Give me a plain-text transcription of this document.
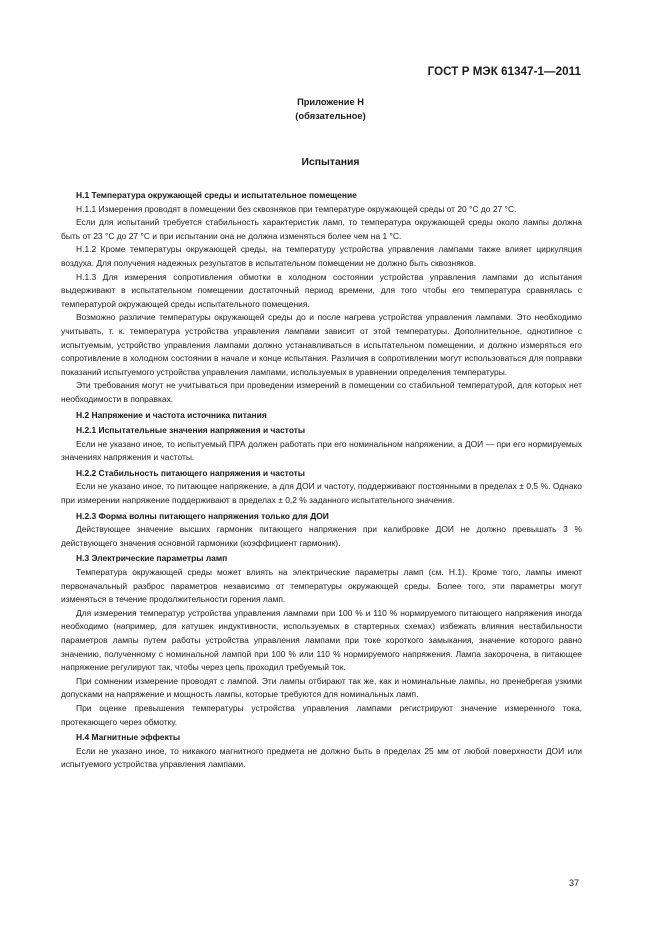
ГОСТ Р МЭК 61347-1—2011
Приложение Н
(обязательное)
Испытания

Н.1 Температура окружающей среды и испытательное помещение

Н.1.1 Измерения проводят в помещении без сквозняков при температуре окружающей среды от 20 °С до 27 °С.

Если для испытаний требуется стабильность характеристик ламп, то температура окружающей среды около лампы должна быть от 23 °С до 27 °С и при испытании она не должна изменяться более чем на 1 °С.

Н.1.2 Кроме температуры окружающей среды, на температуру устройства управления лампами также влияет циркуляция воздуха. Для получения надежных результатов в испытательном помещении не должно быть сквозняков.

Н.1.3 Для измерения сопротивления обмотки в холодном состоянии устройства управления лампами до испытания выдерживают в испытательном помещении достаточный период времени, для того чтобы его температура сравнялась с температурой окружающей среды испытательного помещения.

Возможно различие температуры окружающей среды до и после нагрева устройства управления лампами. Это необходимо учитывать, т. к. температура устройства управления лампами зависит от этой температуры. Дополнительное, однотипное с испытуемым, устройство управления лампами должно устанавливаться в испытательном помещении, и должно измеряться его сопротивление в холодном состоянии в начале и конце испытания. Различия в сопротивлении могут использоваться для поправки показаний испытуемого устройства управления лампами, используемых в уравнении определения температуры.

Эти требования могут не учитываться при проведении измерений в помещении со стабильной температурой, для которых нет необходимости в поправках.

Н.2 Напряжение и частота источника питания

Н.2.1 Испытательные значения напряжения и частоты

Если не указано иное, то испытуемый ПРА должен работать при его номинальном напряжении, а ДОИ — при его нормируемых значениях напряжения и частоты.

Н.2.2 Стабильность питающего напряжения и частоты

Если не указано иное, то питающее напряжение, а для ДОИ и частоту, поддерживают постоянными в пределах ± 0,5 %. Однако при измерении напряжение поддерживают в пределах ± 0,2 % заданного испытательного значения.

Н.2.3 Форма волны питающего напряжения только для ДОИ

Действующее значение высших гармоник питающего напряжения при калибровке ДОИ не должно превышать 3 % действующего значения основной гармоники (коэффициент гармоник).

Н.3 Электрические параметры ламп

Температура окружающей среды может влиять на электрические параметры ламп (см. Н.1). Кроме того, лампы имеют первоначальный разброс параметров независимо от температуры окружающей среды. Более того, эти параметры могут изменяться в течение продолжительности горения ламп.

Для измерения температур устройства управления лампами при 100 % и 110 % нормируемого питающего напряжения иногда необходимо (например, для катушек индуктивности, используемых в стартерных схемах) избежать влияния нестабильности параметров лампы путем работы устройства управления лампами при токе короткого замыкания, значение которого равно значению, полученному с номинальной лампой при 100 % или 110 % нормируемого напряжения. Лампа закорочена, в питающее напряжение регулируют так, чтобы через цепь проходил требуемый ток.

При сомнении измерение проводят с лампой. Эти лампы отбирают так же, как и номинальные лампы, но пренебрегая узкими допусками на напряжение и мощность лампы, которые требуются для номинальных ламп.

При оценке превышения температуры устройства управления лампами регистрируют значение измеренного тока, протекающего через обмотку.

Н.4 Магнитные эффекты

Если не указано иное, то никакого магнитного предмета не должно быть в пределах 25 мм от любой поверхности ДОИ или испытуемого устройства управления лампами.

37
